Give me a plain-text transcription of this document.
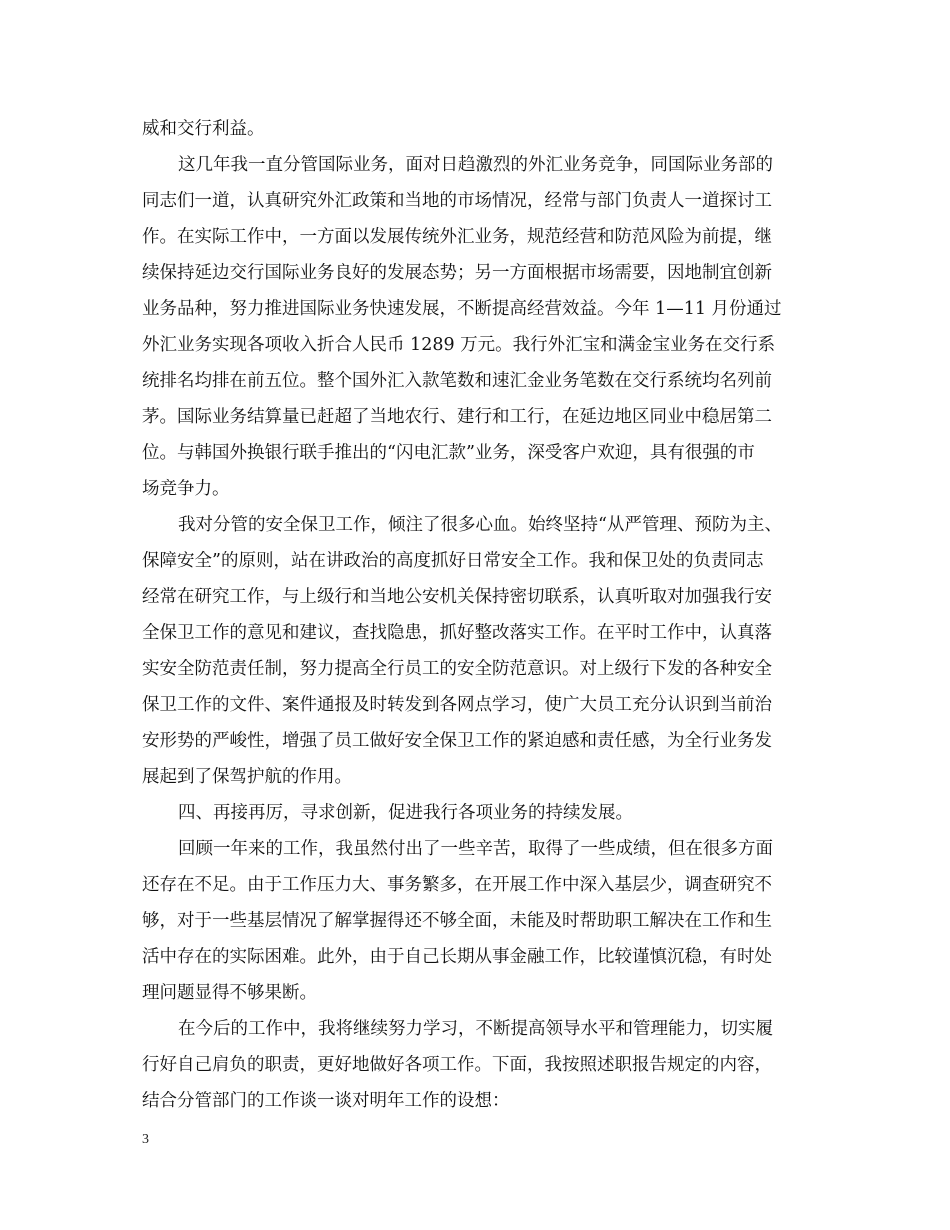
威和交行利益。
这几年我一直分管国际业务，面对日趋激烈的外汇业务竞争，同国际业务部的
同志们一道，认真研究外汇政策和当地的市场情况，经常与部门负责人一道探讨工
作。在实际工作中，一方面以发展传统外汇业务，规范经营和防范风险为前提，继
续保持延边交行国际业务良好的发展态势；另一方面根据市场需要，因地制宜创新
业务品种，努力推进国际业务快速发展，不断提高经营效益。今年 1—11 月份通过
外汇业务实现各项收入折合人民币 1289 万元。我行外汇宝和满金宝业务在交行系
统排名均排在前五位。整个国外汇入款笔数和速汇金业务笔数在交行系统均名列前
茅。国际业务结算量已赶超了当地农行、建行和工行，在延边地区同业中稳居第二
位。与韩国外换银行联手推出的“闪电汇款”业务，深受客户欢迎，具有很强的市
场竞争力。
我对分管的安全保卫工作，倾注了很多心血。始终坚持“从严管理、预防为主、
保障安全”的原则，站在讲政治的高度抓好日常安全工作。我和保卫处的负责同志
经常在研究工作，与上级行和当地公安机关保持密切联系，认真听取对加强我行安
全保卫工作的意见和建议，查找隐患，抓好整改落实工作。在平时工作中，认真落
实安全防范责任制，努力提高全行员工的安全防范意识。对上级行下发的各种安全
保卫工作的文件、案件通报及时转发到各网点学习，使广大员工充分认识到当前治
安形势的严峻性，增强了员工做好安全保卫工作的紧迫感和责任感，为全行业务发
展起到了保驾护航的作用。
四、再接再厉，寻求创新，促进我行各项业务的持续发展。
回顾一年来的工作，我虽然付出了一些辛苦，取得了一些成绩，但在很多方面
还存在不足。由于工作压力大、事务繁多，在开展工作中深入基层少，调查研究不
够，对于一些基层情况了解掌握得还不够全面，未能及时帮助职工解决在工作和生
活中存在的实际困难。此外，由于自己长期从事金融工作，比较谨慎沉稳，有时处
理问题显得不够果断。
在今后的工作中，我将继续努力学习，不断提高领导水平和管理能力，切实履
行好自己肩负的职责，更好地做好各项工作。下面，我按照述职报告规定的内容，
结合分管部门的工作谈一谈对明年工作的设想：
3
